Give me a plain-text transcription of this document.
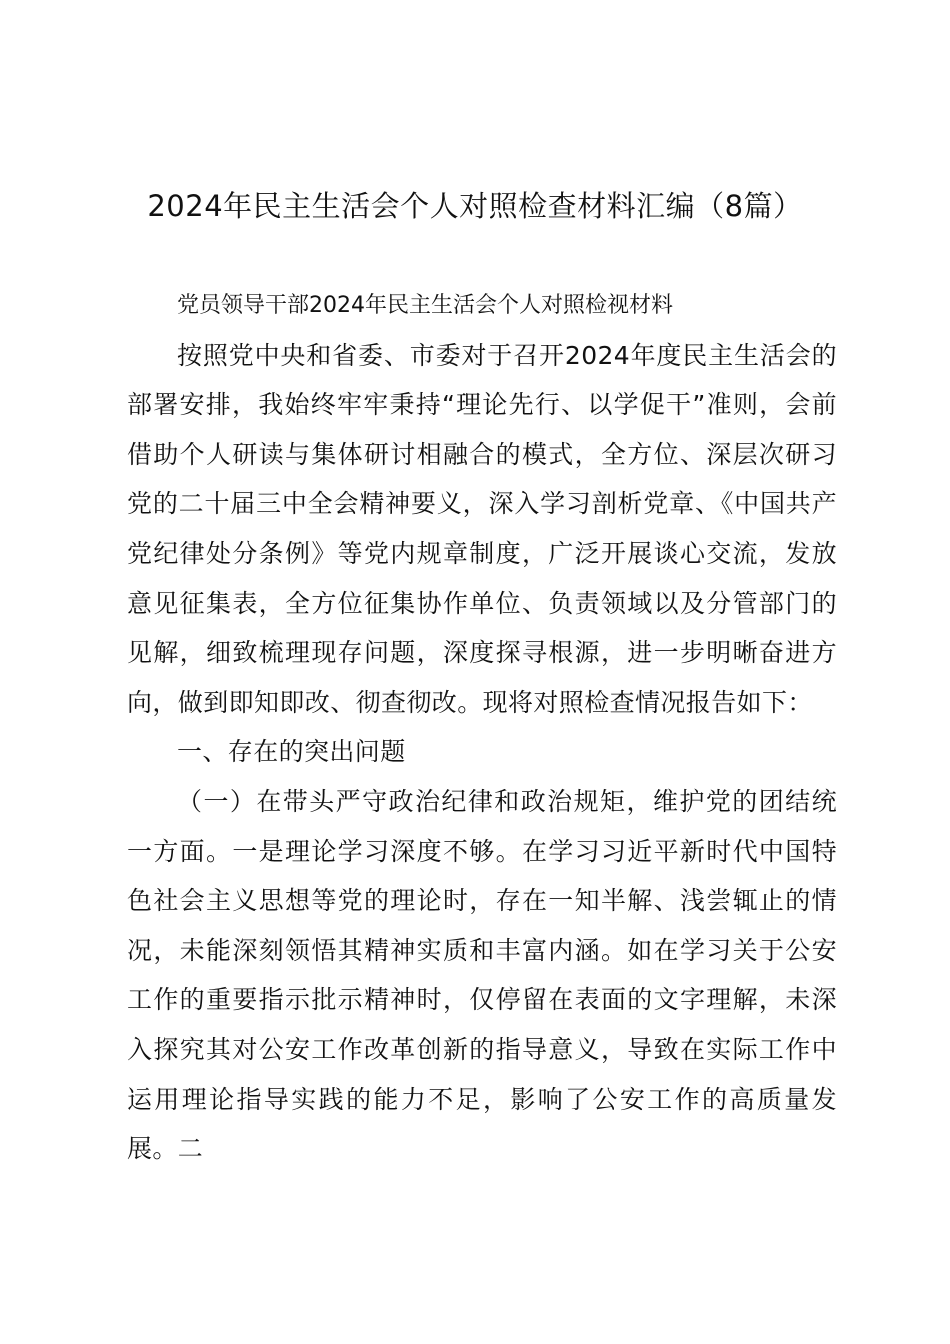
2024年民主生活会个人对照检查材料汇编（8篇）

党员领导干部2024年民主生活会个人对照检视材料

按照党中央和省委、市委对于召开2024年度民主生活会的部署安排，我始终牢牢秉持“理论先行、以学促干”准则，会前借助个人研读与集体研讨相融合的模式，全方位、深层次研习党的二十届三中全会精神要义，深入学习剖析党章、《中国共产党纪律处分条例》等党内规章制度，广泛开展谈心交流，发放意见征集表，全方位征集协作单位、负责领域以及分管部门的见解，细致梳理现存问题，深度探寻根源，进一步明晰奋进方向，做到即知即改、彻查彻改。现将对照检查情况报告如下：

一、存在的突出问题

（一）在带头严守政治纪律和政治规矩，维护党的团结统一方面。一是理论学习深度不够。在学习习近平新时代中国特色社会主义思想等党的理论时，存在一知半解、浅尝辄止的情况，未能深刻领悟其精神实质和丰富内涵。如在学习关于公安工作的重要指示批示精神时，仅停留在表面的文字理解，未深入探究其对公安工作改革创新的指导意义，导致在实际工作中运用理论指导实践的能力不足，影响了公安工作的高质量发展。二
